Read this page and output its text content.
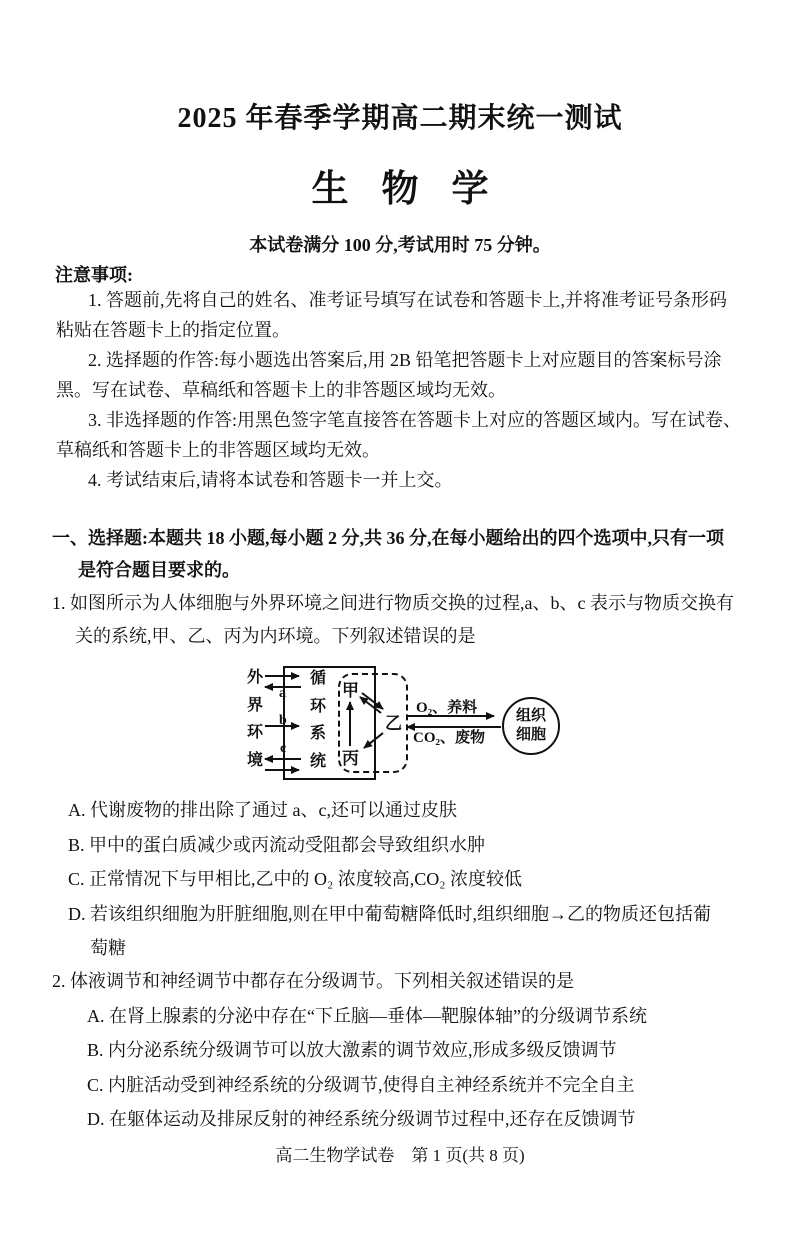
2025 年春季学期高二期末统一测试
生物学
本试卷满分 100 分,考试用时 75 分钟。
注意事项:
1. 答题前,先将自己的姓名、准考证号填写在试卷和答题卡上,并将准考证号条形码
粘贴在答题卡上的指定位置。
2. 选择题的作答:每小题选出答案后,用 2B 铅笔把答题卡上对应题目的答案标号涂
黑。写在试卷、草稿纸和答题卡上的非答题区域均无效。
3. 非选择题的作答:用黑色签字笔直接答在答题卡上对应的答题区域内。写在试卷、
草稿纸和答题卡上的非答题区域均无效。
4. 考试结束后,请将本试卷和答题卡一并上交。
一、选择题:本题共 18 小题,每小题 2 分,共 36 分,在每小题给出的四个选项中,只有一项
是符合题目要求的。
1. 如图所示为人体细胞与外界环境之间进行物质交换的过程,a、b、c 表示与物质交换有
关的系统,甲、乙、丙为内环境。下列叙述错误的是
外
界
环
境
循
环
系
统
甲
乙
丙
a
b
c
O₂、养料
CO₂、废物
组织
细胞
A. 代谢废物的排出除了通过 a、c,还可以通过皮肤
B. 甲中的蛋白质减少或丙流动受阻都会导致组织水肿
C. 正常情况下与甲相比,乙中的 O₂ 浓度较高,CO₂ 浓度较低
D. 若该组织细胞为肝脏细胞,则在甲中葡萄糖降低时,组织细胞→乙的物质还包括葡
萄糖
2. 体液调节和神经调节中都存在分级调节。下列相关叙述错误的是
A. 在肾上腺素的分泌中存在“下丘脑—垂体—靶腺体轴”的分级调节系统
B. 内分泌系统分级调节可以放大激素的调节效应,形成多级反馈调节
C. 内脏活动受到神经系统的分级调节,使得自主神经系统并不完全自主
D. 在躯体运动及排尿反射的神经系统分级调节过程中,还存在反馈调节
高二生物学试卷　第 1 页(共 8 页)
